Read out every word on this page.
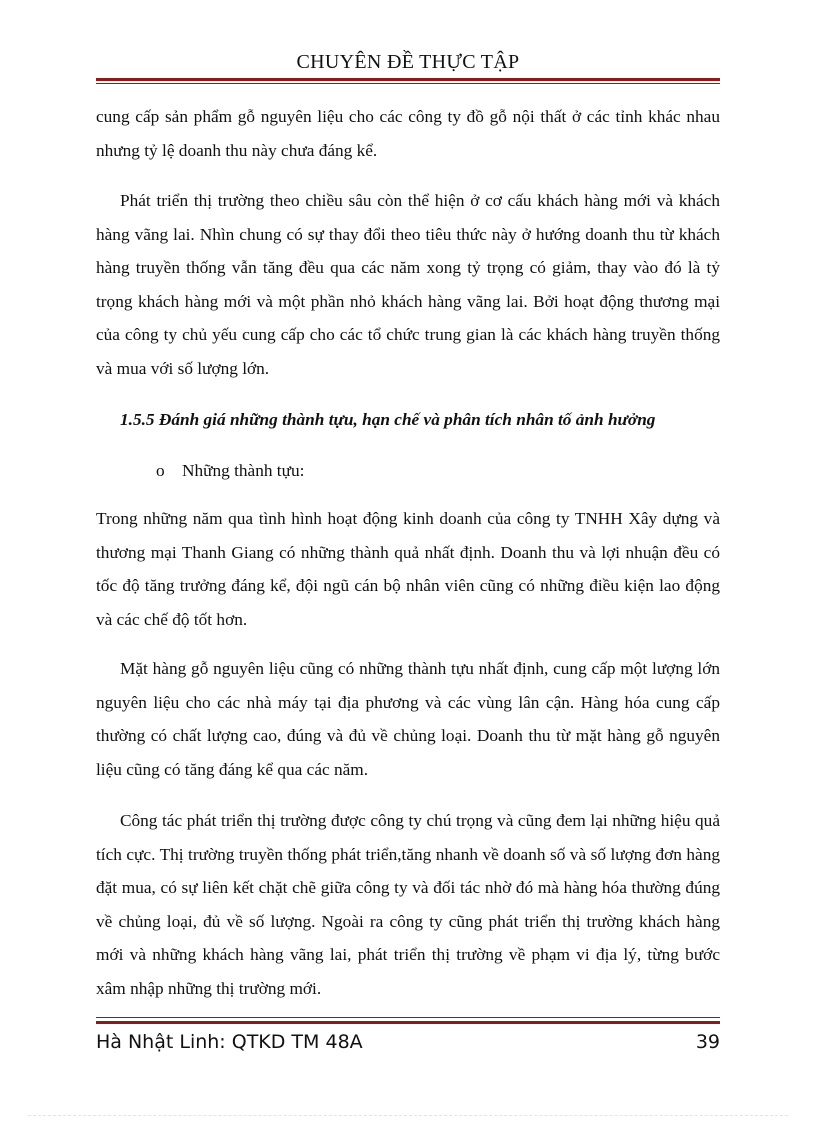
CHUYÊN ĐỀ THỰC TẬP

cung cấp sản phẩm gỗ nguyên liệu cho các công ty đồ gỗ nội thất ở các tỉnh khác nhau nhưng tỷ lệ doanh thu này chưa đáng kể.

Phát triển thị trường theo chiều sâu còn thể hiện ở cơ cấu khách hàng mới và khách hàng vãng lai. Nhìn chung có sự thay đổi theo tiêu thức này ở hướng doanh thu từ khách hàng truyền thống vẫn tăng đều qua các năm xong tỷ trọng có giảm, thay vào đó là tỷ trọng khách hàng mới và một phần nhỏ khách hàng vãng lai. Bởi hoạt động thương mại của công ty chủ yếu cung cấp cho các tổ chức trung gian là các khách hàng truyền thống và mua với số lượng lớn.

1.5.5 Đánh giá những thành tựu, hạn chế và phân tích nhân tố ảnh hưởng
o Những thành tựu:

Trong những năm qua tình hình hoạt động kinh doanh của công ty TNHH Xây dựng và thương mại Thanh Giang có những thành quả nhất định. Doanh thu và lợi nhuận đều có tốc độ tăng trưởng đáng kể, đội ngũ cán bộ nhân viên cũng có những điều kiện lao động và các chế độ tốt hơn.

Mặt hàng gỗ nguyên liệu cũng có những thành tựu nhất định, cung cấp một lượng lớn nguyên liệu cho các nhà máy tại địa phương và các vùng lân cận. Hàng hóa cung cấp thường có chất lượng cao, đúng và đủ về chủng loại. Doanh thu từ mặt hàng gỗ nguyên liệu cũng có tăng đáng kể qua các năm.

Công tác phát triển thị trường được công ty chú trọng và cũng đem lại những hiệu quả tích cực. Thị trường truyền thống phát triển,tăng nhanh về doanh số và số lượng đơn hàng đặt mua, có sự liên kết chặt chẽ giữa công ty và đối tác nhờ đó mà hàng hóa thường đúng về chủng loại, đủ về số lượng. Ngoài ra công ty cũng phát triển thị trường khách hàng mới và những khách hàng vãng lai, phát triển thị trường về phạm vi địa lý, từng bước xâm nhập những thị trường mới.

Hà Nhật Linh: QTKD TM 48A	39
